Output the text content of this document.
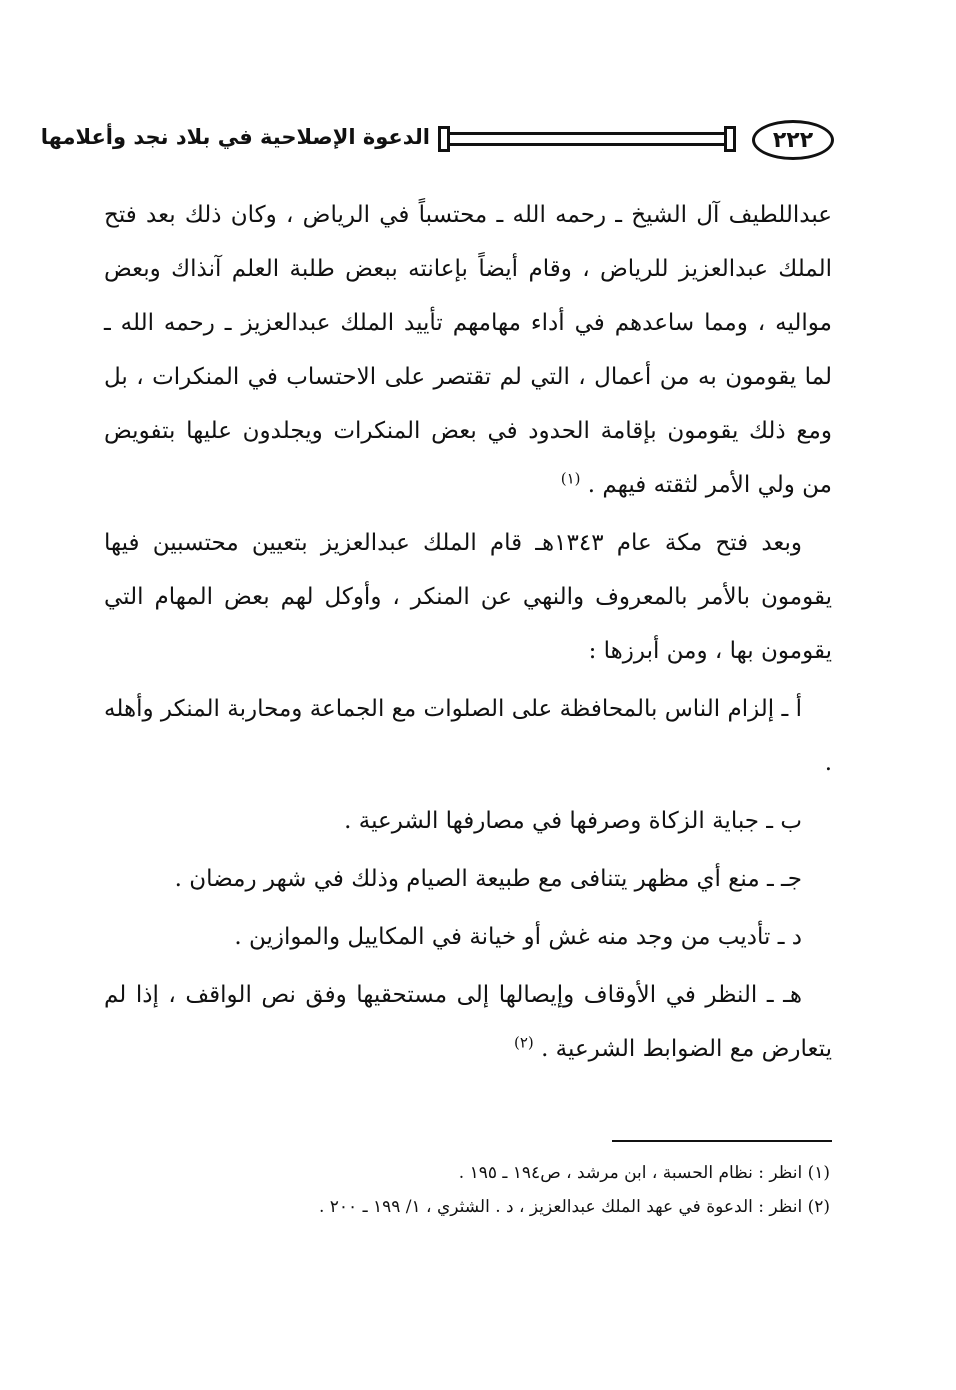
٢٢٢
الدعوة الإصلاحية في بلاد نجد وأعلامها

عبداللطيف آل الشيخ ـ رحمه الله ـ محتسباً في الرياض ، وكان ذلك بعد فتح الملك عبدالعزيز للرياض ، وقام أيضاً بإعانته ببعض طلبة العلم آنذاك وبعض مواليه ، ومما ساعدهم في أداء مهامهم تأييد الملك عبدالعزيز ـ رحمه الله ـ لما يقومون به من أعمال ، التي لم تقتصر على الاحتساب في المنكرات ، بل ومع ذلك يقومون بإقامة الحدود في بعض المنكرات ويجلدون عليها بتفويض من ولي الأمر لثقته فيهم . $^{(١)}$

وبعد فتح مكة عام ١٣٤٣هـ قام الملك عبدالعزيز بتعيين محتسبين فيها يقومون بالأمر بالمعروف والنهي عن المنكر ، وأوكل لهم بعض المهام التي يقومون بها ، ومن أبرزها :

أ ـ إلزام الناس بالمحافظة على الصلوات مع الجماعة ومحاربة المنكر وأهله .

ب ـ جباية الزكاة وصرفها في مصارفها الشرعية .

جـ ـ منع أي مظهر يتنافى مع طبيعة الصيام وذلك في شهر رمضان .

د ـ تأديب من وجد منه غش أو خيانة في المكاييل والموازين .

هـ ـ النظر في الأوقاف وإيصالها إلى مستحقيها وفق نص الواقف ، إذا لم يتعارض مع الضوابط الشرعية . $^{(٢)}$

(١) انظر : نظام الحسبة ، ابن مرشد ، ص١٩٤ ـ ١٩٥ .

(٢) انظر : الدعوة في عهد الملك عبدالعزيز ، د . الشثري ، ١/ ١٩٩ ـ ٢٠٠ .
